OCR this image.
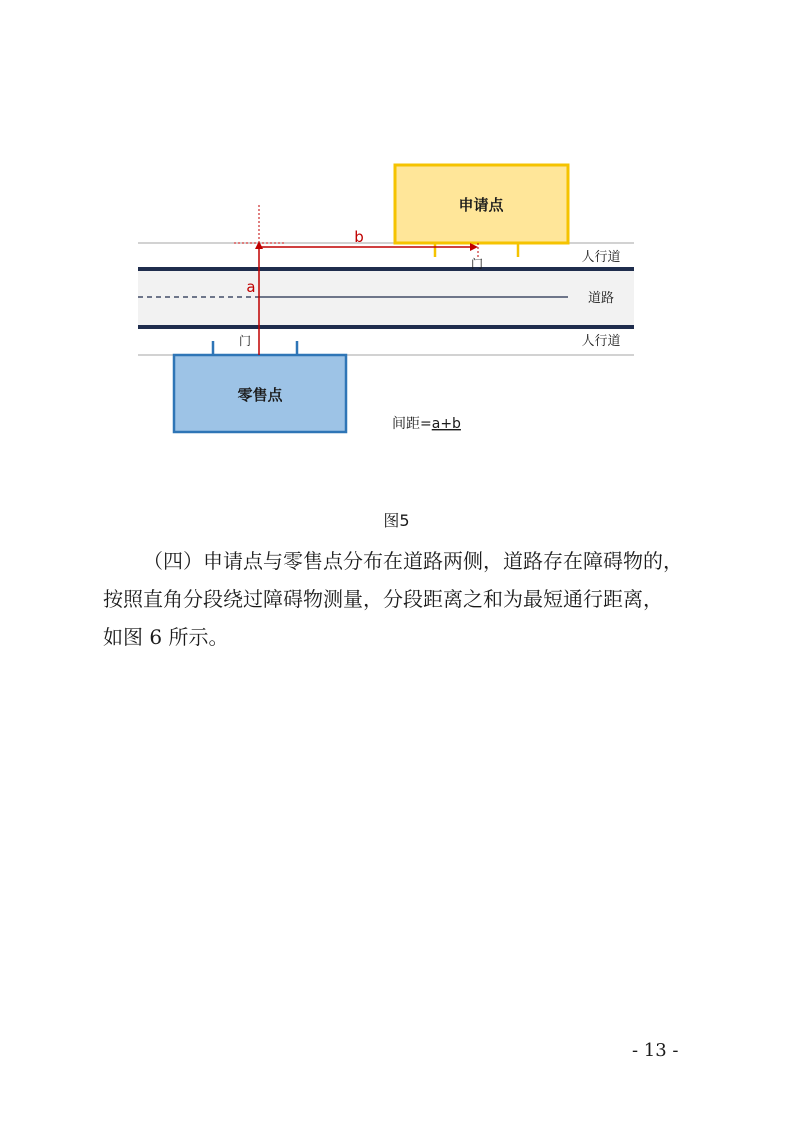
申请点
零售点
b
a
门
门
人行道
道路
人行道
间距=a+b
图5

（四）申请点与零售点分布在道路两侧，道路存在障碍物的，
按照直角分段绕过障碍物测量，分段距离之和为最短通行距离，
如图 6 所示。

- 13 -
